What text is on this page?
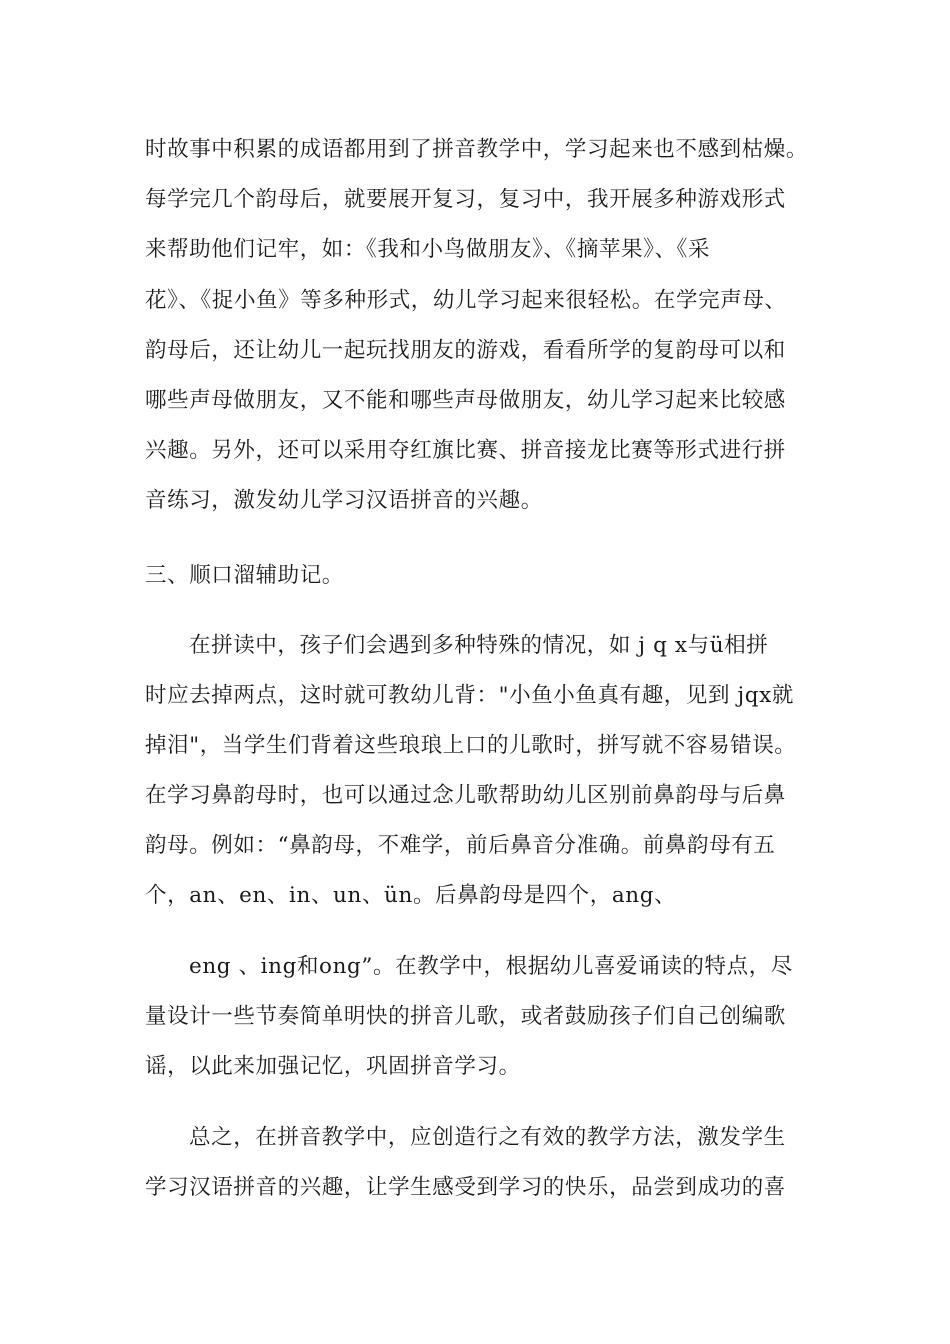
时故事中积累的成语都用到了拼音教学中，学习起来也不感到枯燥。
每学完几个韵母后，就要展开复习，复习中，我开展多种游戏形式
来帮助他们记牢，如：《我和小鸟做朋友》、《摘苹果》、《采
花》、《捉小鱼》等多种形式，幼儿学习起来很轻松。在学完声母、
韵母后，还让幼儿一起玩找朋友的游戏，看看所学的复韵母可以和
哪些声母做朋友，又不能和哪些声母做朋友，幼儿学习起来比较感
兴趣。另外，还可以采用夺红旗比赛、拼音接龙比赛等形式进行拼
音练习，激发幼儿学习汉语拼音的兴趣。
三、顺口溜辅助记。
在拼读中，孩子们会遇到多种特殊的情况，如 j q x与ü相拼
时应去掉两点，这时就可教幼儿背："小鱼小鱼真有趣，见到 jqx就
掉泪"，当学生们背着这些琅琅上口的儿歌时，拼写就不容易错误。
在学习鼻韵母时，也可以通过念儿歌帮助幼儿区别前鼻韵母与后鼻
韵母。例如：“鼻韵母，不难学，前后鼻音分准确。前鼻韵母有五
个，an、en、in、un、ün。后鼻韵母是四个，ang、
eng 、ing和ong”。在教学中，根据幼儿喜爱诵读的特点，尽
量设计一些节奏简单明快的拼音儿歌，或者鼓励孩子们自己创编歌
谣，以此来加强记忆，巩固拼音学习。
总之，在拼音教学中，应创造行之有效的教学方法，激发学生
学习汉语拼音的兴趣，让学生感受到学习的快乐，品尝到成功的喜
